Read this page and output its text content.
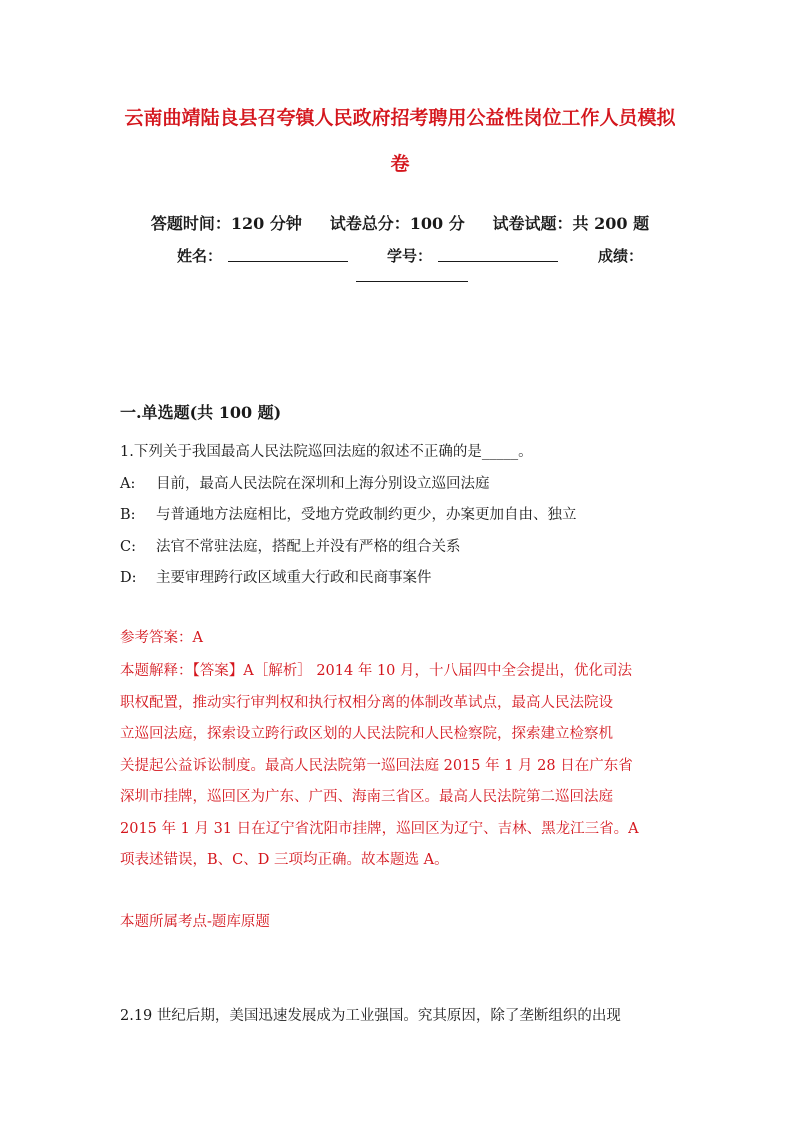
云南曲靖陆良县召夸镇人民政府招考聘用公益性岗位工作人员模拟
卷
答题时间：120 分钟     试卷总分：100 分     试卷试题：共 200 题
姓名：	学号：	成绩：
一.单选题(共 100 题)
1.下列关于我国最高人民法院巡回法庭的叙述不正确的是_____。
A: 目前，最高人民法院在深圳和上海分别设立巡回法庭
B: 与普通地方法庭相比，受地方党政制约更少，办案更加自由、独立
C: 法官不常驻法庭，搭配上并没有严格的组合关系
D: 主要审理跨行政区域重大行政和民商事案件
参考答案：A
本题解释：【答案】A［解析］ 2014 年 10 月，十八届四中全会提出，优化司法
职权配置，推动实行审判权和执行权相分离的体制改革试点，最高人民法院设
立巡回法庭，探索设立跨行政区划的人民法院和人民检察院，探索建立检察机
关提起公益诉讼制度。最高人民法院第一巡回法庭 2015 年 1 月 28 日在广东省
深圳市挂牌，巡回区为广东、广西、海南三省区。最高人民法院第二巡回法庭
2015 年 1 月 31 日在辽宁省沈阳市挂牌，巡回区为辽宁、吉林、黑龙江三省。A
项表述错误，B、C、D 三项均正确。故本题选 A。
本题所属考点-题库原题
2.19 世纪后期，美国迅速发展成为工业强国。究其原因，除了垄断组织的出现
